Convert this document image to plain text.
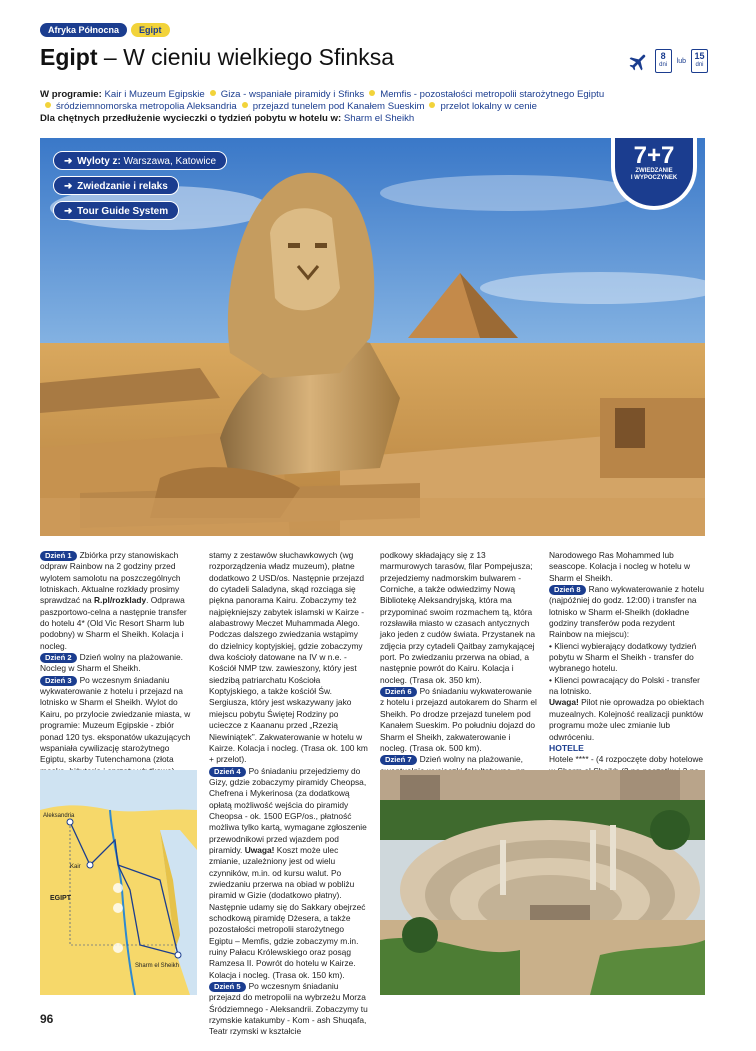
Afryka Północna	Egipt
Egipt – W cieniu wielkiego Sfinksa	8
dni
lub 15
dni
W programie: Kair i Muzeum Egipskie Giza - wspaniałe piramidy i Sfinks Memfis - pozostałości metropolii starożytnego Egiptu
śródziemnomorska metropolia Aleksandria przejazd tunelem pod Kanałem Sueskim przelot lokalny w cenie
Dla chętnych przedłużenie wycieczki o tydzień pobytu w hotelu w: Sharm el Sheikh
➜ Wyloty z: Warszawa, Katowice
➜ Zwiedzanie i relaks
➜ Tour Guide System
7+7
ZWIEDZANIE
I WYPOCZYNEK

Dzień 1 Zbiórka przy stanowiskach odpraw Rainbow na 2 godziny przed wylotem samolotu na poszczególnych lotniskach. Aktualne rozkłady prosimy sprawdzać na R.pl/rozklady. Odprawa paszportowo-celna a następnie transfer do hotelu 4* (Old Vic Resort Sharm lub podobny) w Sharm el Sheikh. Kolacja i nocleg.

Dzień 2 Dzień wolny na plażowanie. Nocleg w Sharm el Sheikh.

Dzień 3 Po wczesnym śniadaniu wykwaterowanie z hotelu i przejazd na lotnisko w Sharm el Sheikh. Wylot do Kairu, po przylocie zwiedzanie miasta, w programie: Muzeum Egipskie - zbiór ponad 120 tys. eksponatów ukazujących wspaniała cywilizację starożytnego Egiptu, skarby Tutenchamona (złota

Aleksandria
Kair
Sharm el Sheikh
EGIPT

stamy z zestawów słuchawkowych (wg rozporządzenia władz muzeum), płatne dodatkowo 2 USD/os. Następnie przejazd do cytadeli Saladyna, skąd rozciąga się piękna panorama Kairu. Zobaczymy też najpiękniejszy zabytek islamski w Kairze - alabastrowy Meczet Muhammada Alego. Podczas dalszego zwiedzania wstąpimy do dzielnicy koptyjskiej, gdzie zobaczymy dwa kościoły datowane na IV w n.e. - Kościół NMP tzw. zawieszony, który jest siedzibą patriarchatu Kościoła Koptyjskiego, a także kościół Św. Sergiusza, który jest wskazywany jako miejscu pobytu Świętej Rodziny po ucieczce z Kaananu przed „Rzezią Niewiniątek”. Zakwaterowanie w hotelu w Kairze. Kolacja i nocleg. (Trasa ok. 100 km + przelot).

Dzień 4 Po śniadaniu przejedziemy do Gizy, gdzie zobaczymy piramidy Cheopsa, Chefrena i Mykerinosa (za dodatkową opłatą możliwość wejścia do piramidy Cheopsa - ok. 1500 EGP/os., płatność możliwa tylko kartą, wymagane zgłoszenie przewodnikowi przed wjazdem pod piramidy. Uwaga! Koszt może ulec zmianie, uzależniony jest od wielu czynników, m.in. od kursu walut. Po zwiedzaniu przerwa na obiad w pobliżu piramid w Gizie (dodatkowo płatny). Następnie udamy się do Sakkary obejrzeć schodkową piramidę Dżesera, a także pozostałości metropolii starożytnego Egiptu – Memfis, gdzie zobaczymy m.in. ruiny Pałacu Królewskiego oraz posąg Ramzesa II. Powrót do hotelu w Kairze. Kolacja i nocleg. (Trasa ok. 150 km).

Dzień 5 Po wczesnym śniadaniu przejazd do metropolii na wybrzeżu Morza Śródziemnego - Aleksandrii. Zobaczymy tu rzymskie katakumby - Kom - ash Shuqafa, Teatr rzymski w kształcie

podkowy składający się z 13 marmurowych tarasów, filar Pompejusza; przejedziemy nadmorskim bulwarem - Corniche, a także odwiedzimy Nową Bibliotekę Aleksandryjską, która ma przypominać swoim rozmachem tą, która rozsławiła miasto w czasach antycznych jako jeden z cudów świata. Przystanek na zdjęcia przy cytadeli Qaitbay zamykającej port. Po zwiedzaniu przerwa na obiad, a następnie powrót do Kairu. Kolacja i nocleg. (Trasa ok. 350 km).

Dzień 6 Po śniadaniu wykwaterowanie z hotelu i przejazd autokarem do Sharm el Sheikh. Po drodze przejazd tunelem pod Kanałem Sueskim. Po południu dojazd do Sharm el Sheikh, zakwaterowanie i nocleg. (Trasa ok. 500 km).

Dzień 7 Dzień wolny na plażowanie,

Narodowego Ras Mohammed lub seascope. Kolacja i nocleg w hotelu w Sharm el Sheikh.

Dzień 8 Rano wykwaterowanie z hotelu (najpóźniej do godz. 12:00) i transfer na lotnisko w Sharm el-Sheikh (dokładne godziny transferów poda rezydent Rainbow na miejscu):

• Klienci wybierający dodatkowy tydzień pobytu w Sharm el Sheikh - transfer do wybranego hotelu.

• Klienci powracający do Polski - transfer na lotnisko.

Uwaga! Pilot nie oprowadza po obiektach muzealnych. Kolejność realizacji punktów programu może ulec zmianie lub odwróceniu.

HOTELE

Hotele **** - (4 rozpoczęte doby hotelowe

96
